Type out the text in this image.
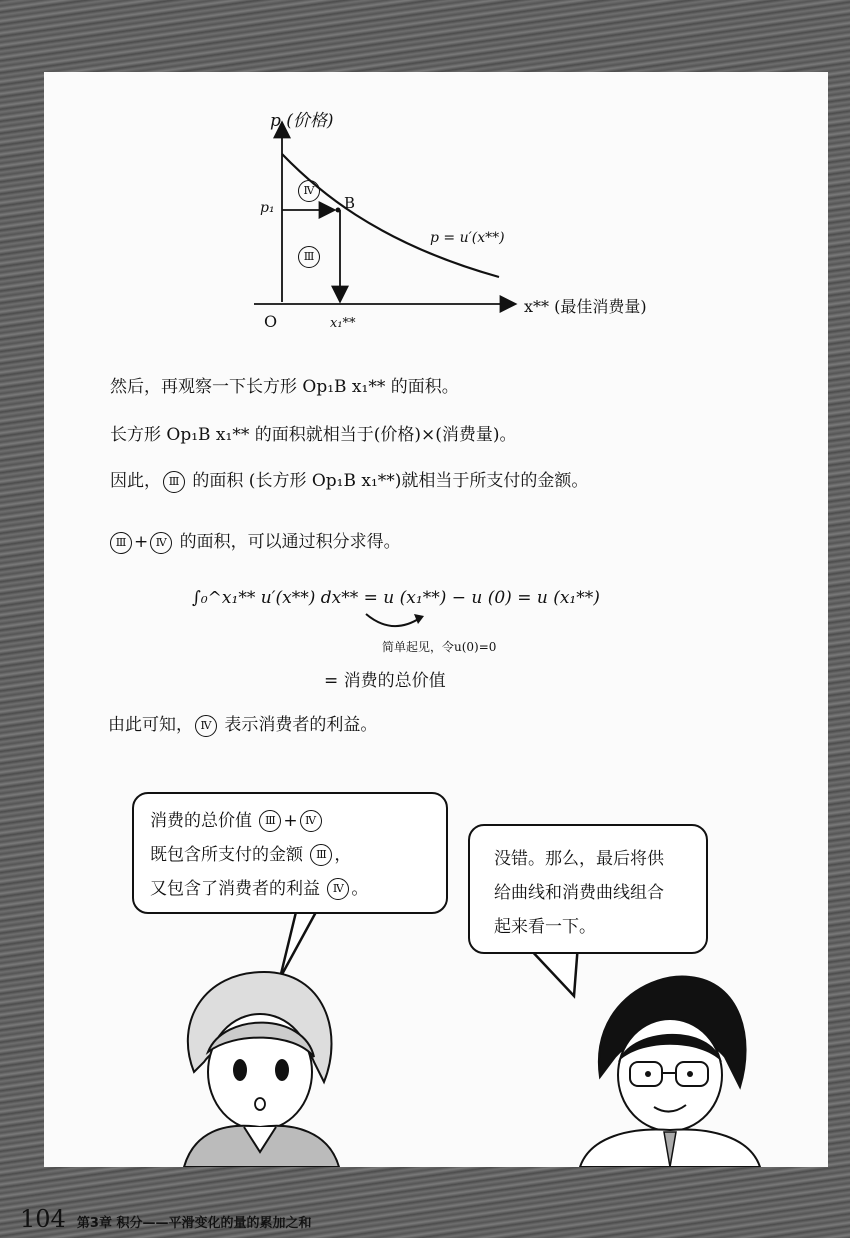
p (价格)
x** (最佳消费量)
O
p₁	B
x₁**
Ⅳ
Ⅲ
p = u′(x**)
然后，再观察一下长方形 Op₁B x₁** 的面积。
长方形 Op₁B x₁** 的面积就相当于(价格)×(消费量)。
因此， Ⅲ 的面积 (长方形 Op₁B x₁**)就相当于所支付的金额。
Ⅲ + Ⅳ 的面积，可以通过积分求得。
∫₀^x₁** u′(x**) dx** = u (x₁**) − u (0) = u (x₁**)
简单起见，令u(0)=0
= 消费的总价值
由此可知， Ⅳ 表示消费者的利益。
消费的总价值 Ⅲ + Ⅳ
既包含所支付的金额 Ⅲ ，
又包含了消费者的利益 Ⅳ 。
没错。那么，最后将供
给曲线和消费曲线组合
起来看一下。
104 第3章 积分——平滑变化的量的累加之和
